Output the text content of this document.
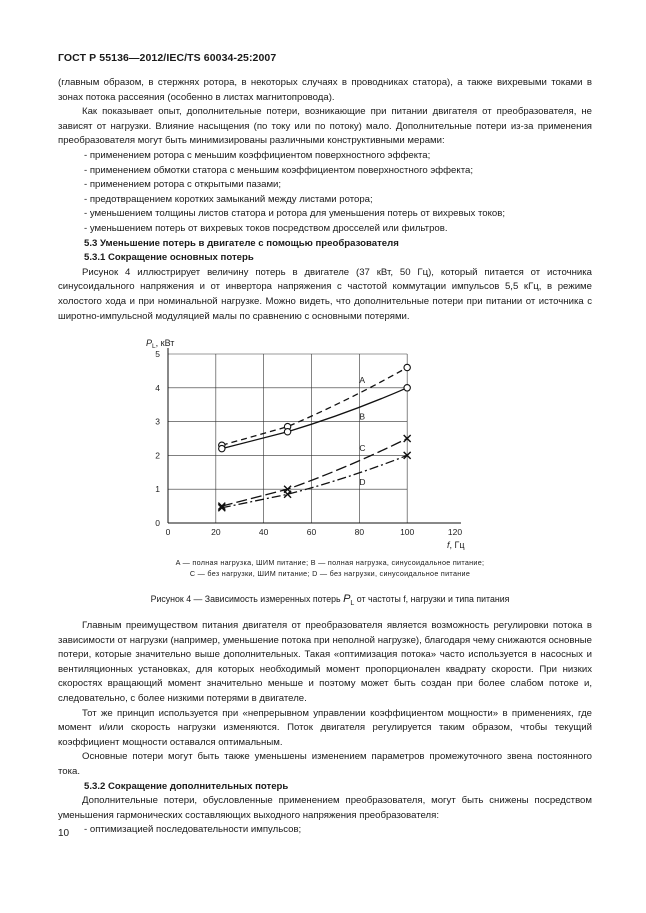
ГОСТ Р 55136—2012/IEC/TS 60034-25:2007
(главным образом, в стержнях ротора, в некоторых случаях в проводниках статора), а также вихревыми токами в зонах потока рассеяния (особенно в листах магнитопровода).
Как показывает опыт, дополнительные потери, возникающие при питании двигателя от преобразователя, не зависят от нагрузки. Влияние насыщения (по току или по потоку) мало. Дополнительные потери из-за применения преобразователя могут быть минимизированы различными конструктивными мерами:
- применением ротора с меньшим коэффициентом поверхностного эффекта;
- применением обмотки статора с меньшим коэффициентом поверхностного эффекта;
- применением ротора с открытыми пазами;
- предотвращением коротких замыканий между листами ротора;
- уменьшением толщины листов статора и ротора для уменьшения потерь от вихревых токов;
- уменьшением потерь от вихревых токов посредством дросселей или фильтров.
5.3 Уменьшение потерь в двигателе с помощью преобразователя
5.3.1 Сокращение основных потерь
Рисунок 4 иллюстрирует величину потерь в двигателе (37 кВт, 50 Гц), который питается от источника синусоидального напряжения и от инвертора напряжения с частотой коммутации импульсов 5,5 кГц, в режиме холостого хода и при номинальной нагрузке. Можно видеть, что дополнительные потери при питании от источника с широтно-импульсной модуляцией малы по сравнению с основными потерями.
0	20	40	60	80	100	120
0
1
2
3
4
5
$P_L$, кВт
f, Гц
A
B
C
D
A — полная нагрузка, ШИМ питание; B — полная нагрузка, синусоидальное питание;
C — без нагрузки, ШИМ питание; D — без нагрузки, синусоидальное питание
Рисунок 4 — Зависимость измеренных потерь $P_L$ от частоты f, нагрузки и типа питания
Главным преимуществом питания двигателя от преобразователя является возможность регулировки потока в зависимости от нагрузки (например, уменьшение потока при неполной нагрузке), благодаря чему снижаются основные потери, которые значительно выше дополнительных. Такая «оптимизация потока» часто используется в насосных и вентиляционных установках, для которых необходимый момент пропорционален квадрату скорости. При низких скоростях вращающий момент значительно меньше и поэтому может быть создан при более слабом потоке и, следовательно, с более низкими потерями в двигателе.
Тот же принцип используется при «непрерывном управлении коэффициентом мощности» в применениях, где момент и/или скорость нагрузки изменяются. Поток двигателя регулируется таким образом, чтобы текущий коэффициент мощности оставался оптимальным.
Основные потери могут быть также уменьшены изменением параметров промежуточного звена постоянного тока.
5.3.2 Сокращение дополнительных потерь
Дополнительные потери, обусловленные применением преобразователя, могут быть снижены посредством уменьшения гармонических составляющих выходного напряжения преобразователя:
- оптимизацией последовательности импульсов;
10
